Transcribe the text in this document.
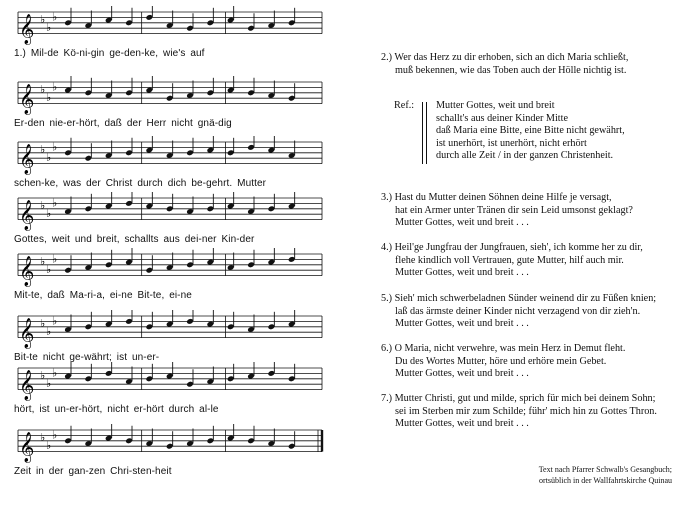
𝄞 ♭
♭
♭
1.) Mil-de Kö-ni-gin ge-den-ke, wie's auf
𝄞 ♭
♭
♭
Er-den nie-er-hört, daß der Herr nicht gnä-dig
𝄞 ♭
♭
♭
schen-ke, was der Christ durch dich be-gehrt. Mutter
𝄞 ♭
♭
♭
Gottes, weit und breit, schallts aus dei-ner Kin-der
𝄞 ♭
♭
♭
Mit-te, daß Ma-ri-a, ei-ne Bit-te, ei-ne
𝄞 ♭
♭
♭
Bit-te nicht ge-währt; ist un-er-
𝄞 ♭
♭
♭
hört, ist un-er-hört, nicht er-hört durch al-le
𝄞 ♭
♭
♭
Zeit in der gan-zen Chri-sten-heit
2.) Wer das Herz zu dir erhoben, sich an dich Maria schließt,
muß bekennen, wie das Toben auch der Hölle nichtig ist.
Ref.: Mutter Gottes, weit und breit
schallt's aus deiner Kinder Mitte
daß Maria eine Bitte, eine Bitte nicht gewährt,
ist unerhört, ist unerhört, nicht erhört
durch alle Zeit / in der ganzen Christenheit.
3.) Hast du Mutter deinen Söhnen deine Hilfe je versagt,
hat ein Armer unter Tränen dir sein Leid umsonst geklagt?
Mutter Gottes, weit und breit . . .
4.) Heil'ge Jungfrau der Jungfrauen, sieh', ich komme her zu dir,
flehe kindlich voll Vertrauen, gute Mutter, hilf auch mir.
Mutter Gottes, weit und breit . . .
5.) Sieh' mich schwerbeladnen Sünder weinend dir zu Füßen knien;
laß das ärmste deiner Kinder nicht verzagend von dir zieh'n.
Mutter Gottes, weit und breit . . .
6.) O Maria, nicht verwehre, was mein Herz in Demut fleht.
Du des Wortes Mutter, höre und erhöre mein Gebet.
Mutter Gottes, weit und breit . . .
7.) Mutter Christi, gut und milde, sprich für mich bei deinem Sohn;
sei im Sterben mir zum Schilde; führ' mich hin zu Gottes Thron.
Mutter Gottes, weit und breit . . .
Text nach Pfarrer Schwalb's Gesangbuch;
ortsüblich in der Wallfahrtskirche Quinau
